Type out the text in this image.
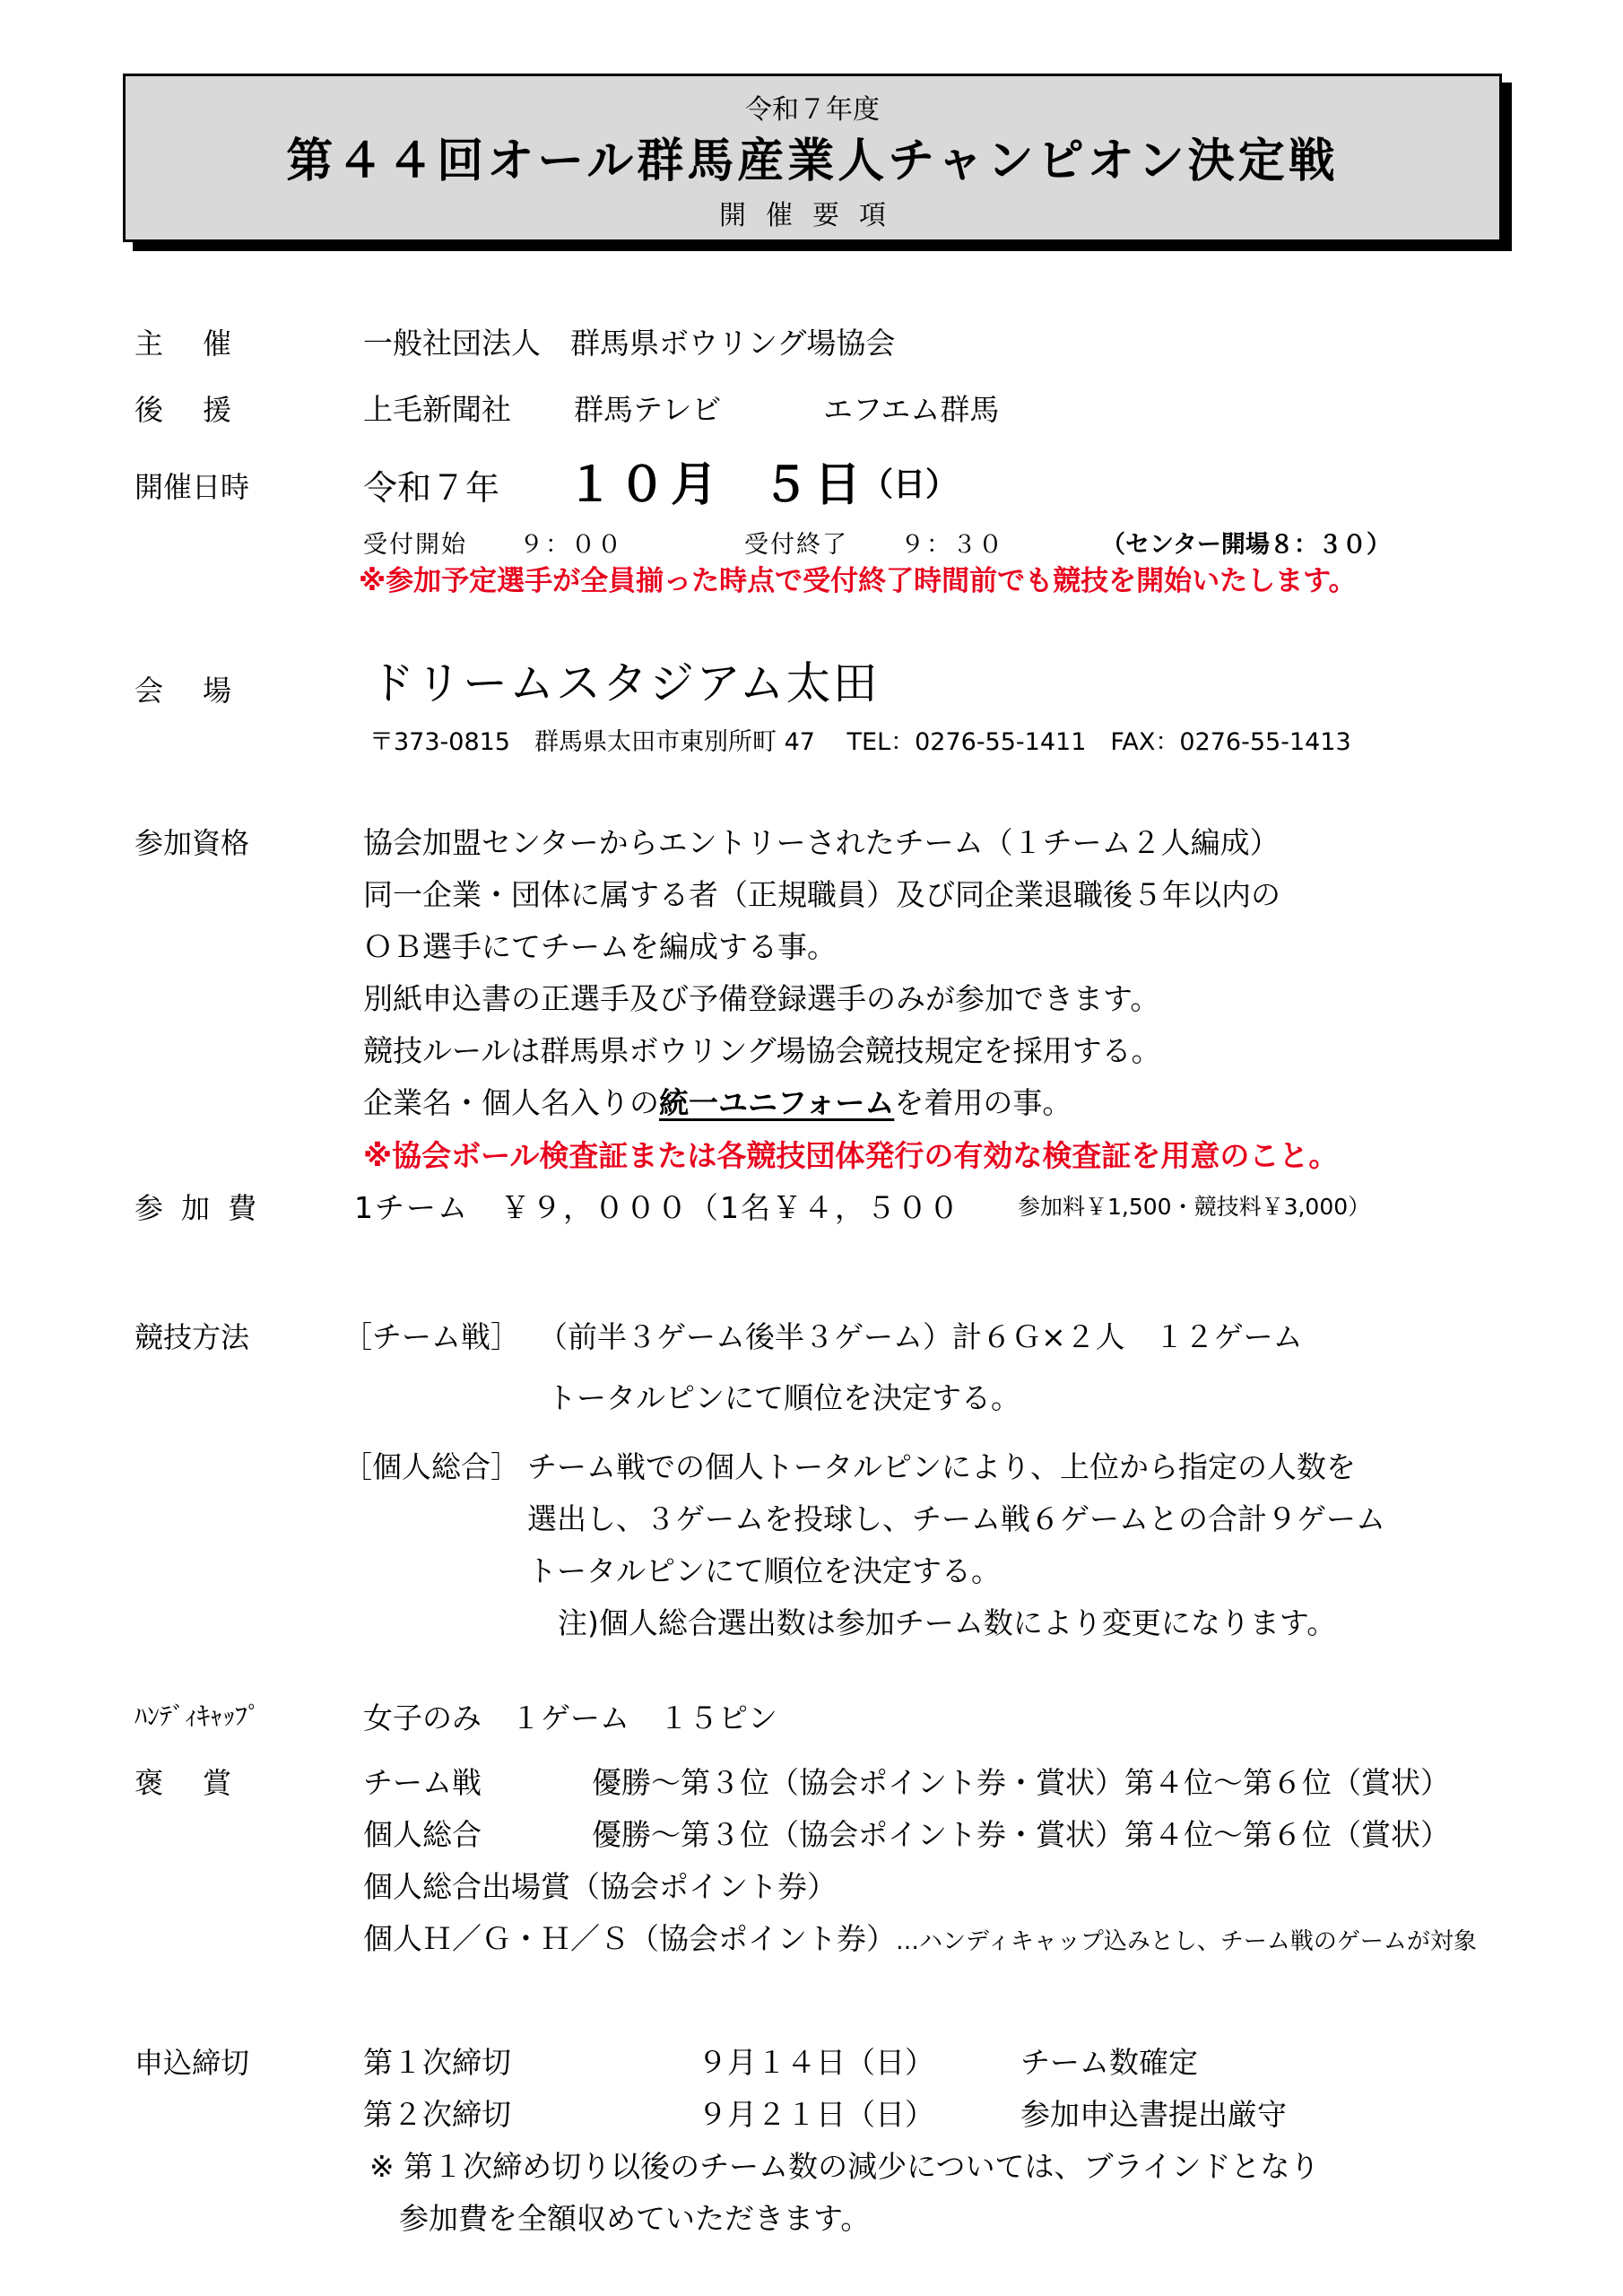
令和７年度
第４４回オール群馬産業人チャンピオン決定戦
開催要項
主催	一般社団法人　群馬県ボウリング場協会
後援	上毛新聞社 群馬テレビ	エフエム群馬
開催日時	令和７年 １０月 ５日
（日）
受付開始　　９：００	受付終了　　９：３０	（センター開場８：３０）
※参加予定選手が全員揃った時点で受付終了時間前でも競技を開始いたします。
会場 ドリームスタジアム太田
〒373-0815　群馬県太田市東別所町 47　 TEL：0276-55-1411　FAX：0276-55-1413
参加資格	協会加盟センターからエントリーされたチーム（１チーム２人編成）
同一企業・団体に属する者（正規職員）及び同企業退職後５年以内の
ＯＢ選手にてチームを編成する事。
別紙申込書の正選手及び予備登録選手のみが参加できます。
競技ルールは群馬県ボウリング場協会競技規定を採用する。
企業名・個人名入りの統一ユニフォームを着用の事。
※協会ボール検査証または各競技団体発行の有効な検査証を用意のこと。
参加費	1チーム　￥９，０００（1名￥４，５００	参加料￥1,500・競技料￥3,000）
競技方法	［チーム戦］ （前半３ゲーム後半３ゲーム）計６Ｇ×２人　１２ゲーム
トータルピンにて順位を決定する。
［個人総合］ チーム戦での個人トータルピンにより、上位から指定の人数を
選出し、３ゲームを投球し、チーム戦６ゲームとの合計９ゲーム
トータルピンにて順位を決定する。
注)個人総合選出数は参加チーム数により変更になります。
ﾊﾝﾃﾞｨｷｬｯﾌﾟ	女子のみ　１ゲーム　１５ピン
褒賞	チーム戦	優勝～第３位（協会ポイント券・賞状）第４位～第６位（賞状）
個人総合	優勝～第３位（協会ポイント券・賞状）第４位～第６位（賞状）
個人総合出場賞（協会ポイント券）
個人Ｈ／Ｇ・Ｈ／Ｓ（協会ポイント券）…ハンディキャップ込みとし、チーム戦のゲームが対象
申込締切	第１次締切	９月１４日（日）	チーム数確定
第２次締切	９月２１日（日）	参加申込書提出厳守
※ 第１次締め切り以後のチーム数の減少については、ブラインドとなり
参加費を全額収めていただきます。
